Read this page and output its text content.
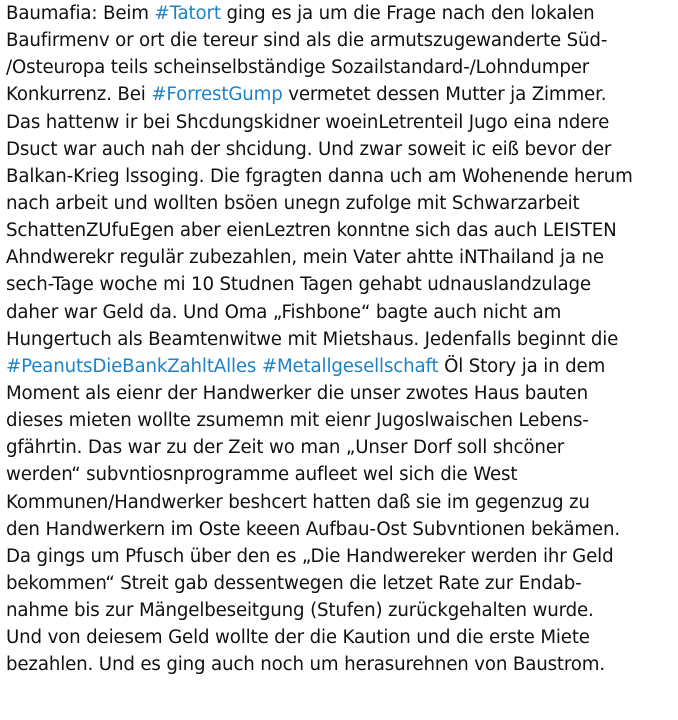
Baumafia: Beim #Tatort ging es ja um die Frage nach den lokalen
Baufirmenv or ort die tereur sind als die armutszugewanderte Süd-
/Osteuropa teils scheinselbständige Sozailstandard-/Lohndumper
Konkurrenz. Bei #ForrestGump vermetet dessen Mutter ja Zimmer.
Das hattenw ir bei Shcdungskidner woeinLetrenteil Jugo eina ndere
Dsuct war auch nah der shcidung. Und zwar soweit ic eiß bevor der
Balkan-Krieg lssoging. Die fgragten danna uch am Wohenende herum
nach arbeit und wollten bsöen unegn zufolge mit Schwarzarbeit
SchattenZUfuEgen aber eienLeztren konntne sich das auch LEISTEN
Ahndwerekr regulär zubezahlen, mein Vater ahtte iNThailand ja ne
sech-Tage woche mi 10 Studnen Tagen gehabt udnauslandzulage
daher war Geld da. Und Oma „Fishbone“ bagte auch nicht am
Hungertuch als Beamtenwitwe mit Mietshaus. Jedenfalls beginnt die
#PeanutsDieBankZahltAlles #Metallgesellschaft Öl Story ja in dem
Moment als eienr der Handwerker die unser zwotes Haus bauten
dieses mieten wollte zsumemn mit eienr Jugoslwaischen Lebens-
gfährtin. Das war zu der Zeit wo man „Unser Dorf soll shcöner
werden“ subvntiosnprogramme aufleet wel sich die West
Kommunen/Handwerker beshcert hatten daß sie im gegenzug zu
den Handwerkern im Oste keeen Aufbau-Ost Subvntionen bekämen.
Da gings um Pfusch über den es „Die Handwereker werden ihr Geld
bekommen“ Streit gab dessentwegen die letzet Rate zur Endab-
nahme bis zur Mängelbeseitgung (Stufen) zurückgehalten wurde.
Und von deiesem Geld wollte der die Kaution und die erste Miete
bezahlen. Und es ging auch noch um herasurehnen von Baustrom.
